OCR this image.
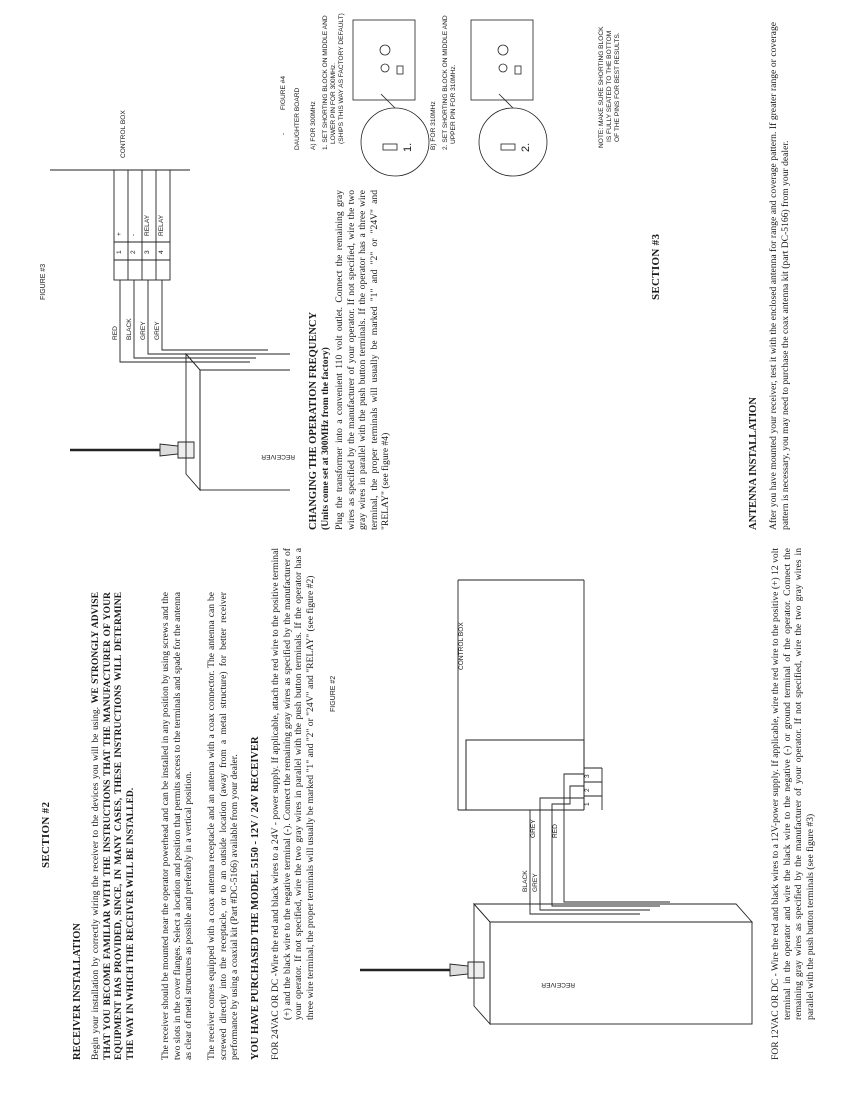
SECTION #2
RECEIVER INSTALLATION Begin your installation by correctly wiring the receiver to the devices you will be using. WE STRONGLY ADVISE THAT YOU BECOME FAMILIAR WITH THE INSTRUCTIONS THAT THE MANUFACTURER OF YOUR EQUIPMENT HAS PROVIDED, SINCE, IN MANY CASES, THESE INSTRUCTIONS WILL DETERMINE THE WAY IN WHICH THE RECEIVER WILL BE INSTALLED.	The receiver should be mounted near the operator powerhead and can be installed in any position by using screws and the two slots in the cover flanges. Select a location and position that permits access to the terminals and spade for the antenna as clear of metal structures as possible and preferably in a vertical position. The receiver comes equipped with a coax antenna receptacle and an antenna with a coax connector. The antenna can be screwed directly into the receptacle, or to an outside location (away from a metal structure) for better receiver performance by using a coaxial kit (Part #DC-5166) available from your dealer. YOU HAVE PURCHASED THE MODEL 5150 - 12V / 24V RECEIVER FOR 24VAC OR DC -Wire the red and black wires to a 24V - power supply. If applicable, attach the red wire to the positive terminal (+) and the black wire to the negative terminal (-). Connect the remaining gray wires as specified by the manufacturer of your operator. If not specified, wire the two gray wires in parallel with the push button terminals. If the operator has a three wire terminal, the proper terminals will usually be marked "1" and "2" or "24V" and "RELAY" (see figure #2) FIGURE #2
RECEIVER
CONTROL BOX
BLACK GREY
GREY RED
1
2
3	FOR 12VAC OR DC - Wire the red and black wires to a 12V-power supply. If applicable, wire the red wire to the positive (+) 12 volt terminal in the operator and wire the black wire to the negative (-) or ground terminal of the operator. Connect the remaining gray wires as specified by the manufacturer of your operator. If not specified, wire the two gray wires in parallel with the push button terminals (see figure #3)
FIGURE #3
RECEIVER
CONTROL BOX
RED BLACK GREY GREY
1 2 3 4
+ - RELAY RELAY
CHANGING THE OPERATION FREQUENCY (Units come set at 300MHz from the factory) Plug the transformer into a convenient 110 volt outlet. Connect the remaining gray wires as specified by the manufacturer of your operator. If not specified, wire the two gray wires in parallel with the push button terminals. If the operator has a three wire terminal, the proper terminals will usually be marked "1" and "2" or "24V" and "RELAY" (see figure #4)
FIGURE #4
- DAUGHTER BOARD A) FOR 300MHz 1. SET SHORTING BLOCK ON MIDDLE AND LOWER PIN FOR 300MHz. (SHIPS THIS WAY AS FACTORY DEFAULT)	B) FOR 310MHz 2. SET SHORTING BLOCK ON MIDDLE AND UPPER PIN FOR 310MHz.
1.	2.	NOTE: MAKE SURE SHORTING BLOCK IS FULLY SEATED TO THE BOTTOM OF THE PINS FOR BEST RESULTS.
SECTION #3
ANTENNA INSTALLATION After you have mounted your receiver, test it with the enclosed antenna for range and coverage pattern. If greater range or coverage pattern is necessary, you may need to purchase the coax antenna kit (part DC-5166) from your dealer.
